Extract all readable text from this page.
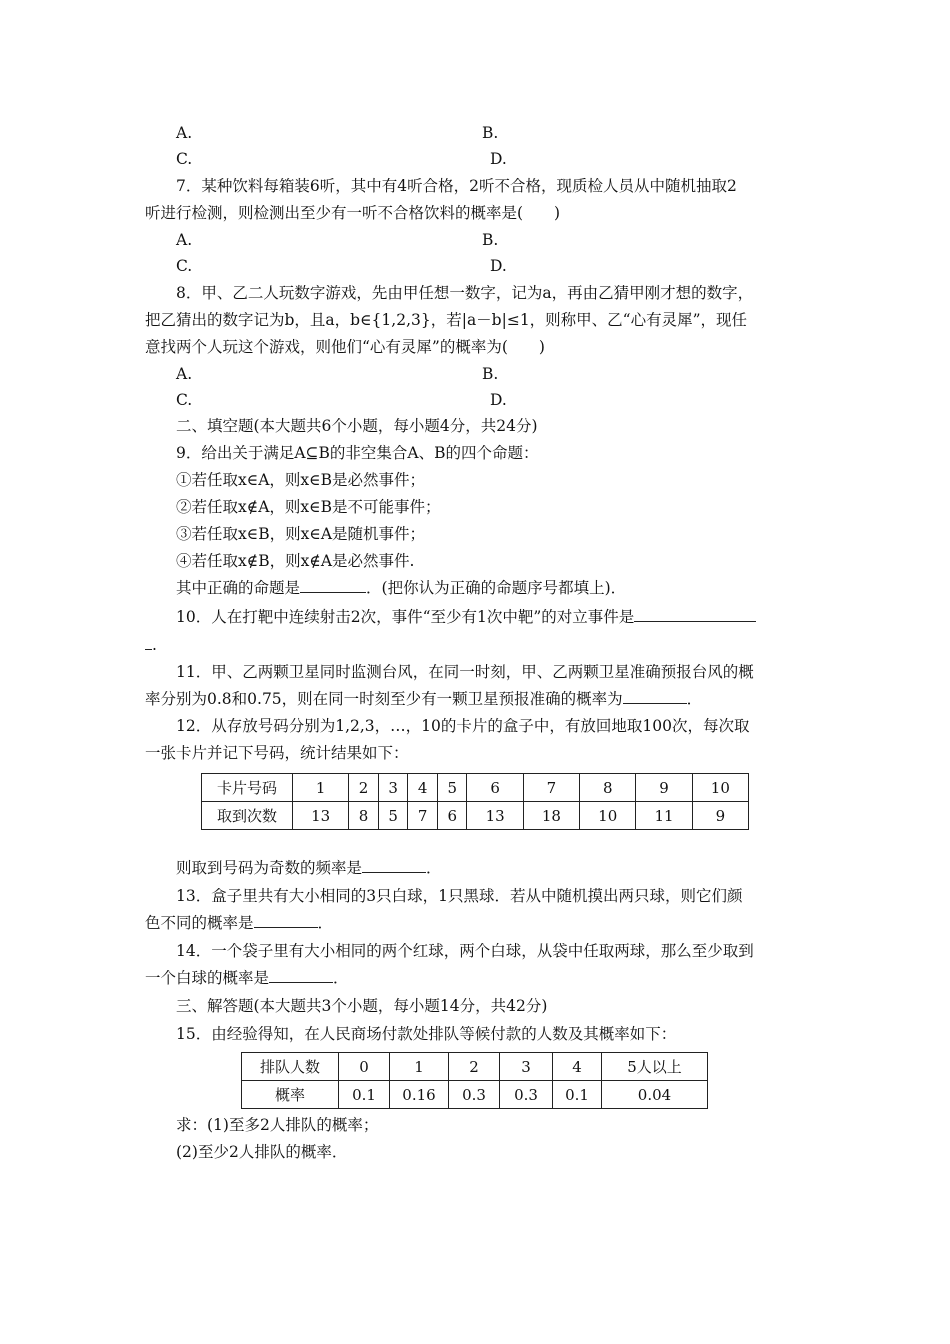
A.	B.
C.	D.
7．某种饮料每箱装6听，其中有4听合格，2听不合格，现质检人员从中随机抽取2
听进行检测，则检测出至少有一听不合格饮料的概率是(　　)
A.	B.
C.	D.
8．甲、乙二人玩数字游戏，先由甲任想一数字，记为a，再由乙猜甲刚才想的数字，
把乙猜出的数字记为b，且a，b∈{1,2,3}，若|a－b|≤1，则称甲、乙“心有灵犀”，现任
意找两个人玩这个游戏，则他们“心有灵犀”的概率为(　　)
A.	B.
C.	D.
二、填空题(本大题共6个小题，每小题4分，共24分)
9．给出关于满足A⊆B的非空集合A、B的四个命题：
①若任取x∈A，则x∈B是必然事件；
②若任取x∉A，则x∈B是不可能事件；
③若任取x∈B，则x∈A是随机事件；
④若任取x∉B，则x∉A是必然事件.
其中正确的命题是	．(把你认为正确的命题序号都填上)．
10．人在打靶中连续射击2次，事件“至少有1次中靶”的对立事件是
.
11．甲、乙两颗卫星同时监测台风，在同一时刻，甲、乙两颗卫星准确预报台风的概
率分别为0.8和0.75，则在同一时刻至少有一颗卫星预报准确的概率为	．
12．从存放号码分别为1,2,3，…，10的卡片的盒子中，有放回地取100次，每次取
一张卡片并记下号码，统计结果如下：
卡片号码	1	2	3	4	5	6	7	8	9	10
取到次数	13	8	5	7	6	13	18	10	11	9
则取到号码为奇数的频率是	．
13．盒子里共有大小相同的3只白球，1只黑球．若从中随机摸出两只球，则它们颜
色不同的概率是	．
14．一个袋子里有大小相同的两个红球，两个白球，从袋中任取两球，那么至少取到
一个白球的概率是	．
三、解答题(本大题共3个小题，每小题14分，共42分)
15．由经验得知，在人民商场付款处排队等候付款的人数及其概率如下：
排队人数	0	1	2	3	4	5人以上
概率	0.1	0.16	0.3	0.3	0.1	0.04
求：(1)至多2人排队的概率；
(2)至少2人排队的概率．
